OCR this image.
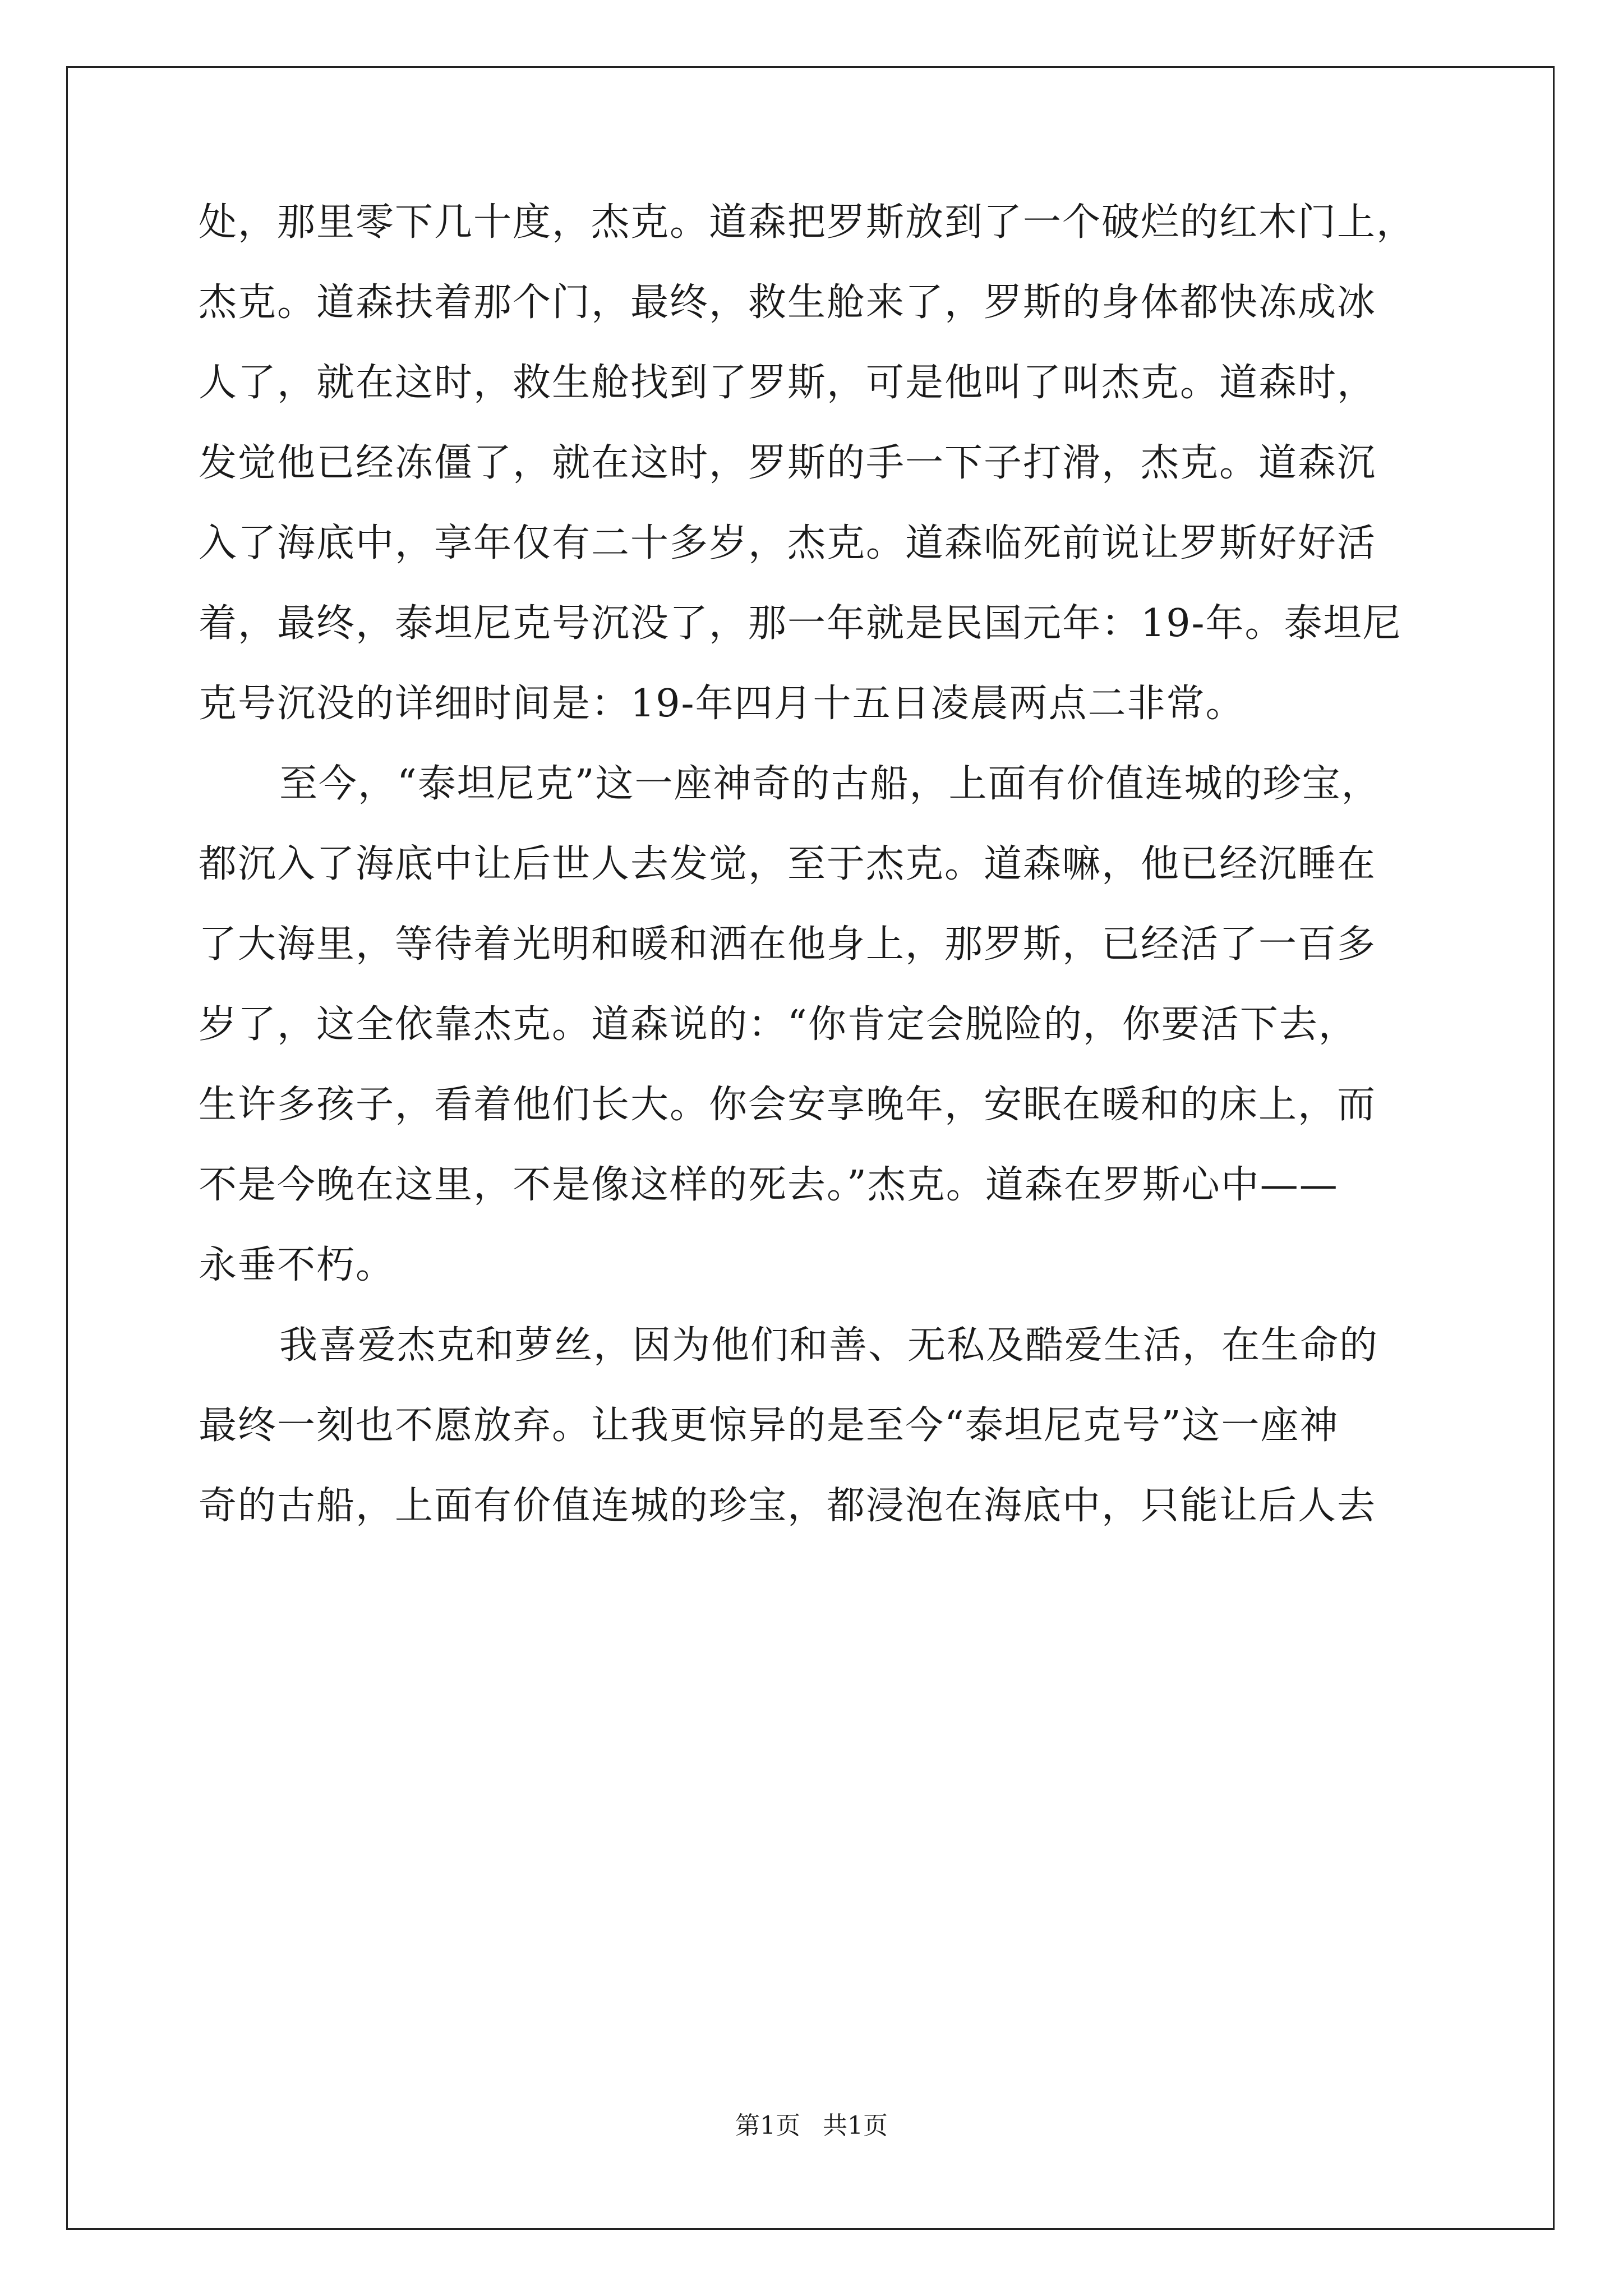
处，那里零下几十度，杰克。道森把罗斯放到了一个破烂的红木门上，
杰克。道森扶着那个门，最终，救生舱来了，罗斯的身体都快冻成冰
人了，就在这时，救生舱找到了罗斯，可是他叫了叫杰克。道森时，
发觉他已经冻僵了，就在这时，罗斯的手一下子打滑，杰克。道森沉
入了海底中，享年仅有二十多岁，杰克。道森临死前说让罗斯好好活
着，最终，泰坦尼克号沉没了，那一年就是民国元年：19-年。泰坦尼
克号沉没的详细时间是：19-年四月十五日凌晨两点二非常。
至今，“泰坦尼克”这一座神奇的古船，上面有价值连城的珍宝，
都沉入了海底中让后世人去发觉，至于杰克。道森嘛，他已经沉睡在
了大海里，等待着光明和暖和洒在他身上，那罗斯，已经活了一百多
岁了，这全依靠杰克。道森说的：“你肯定会脱险的，你要活下去，
生许多孩子，看着他们长大。你会安享晚年，安眠在暖和的床上，而
不是今晚在这里，不是像这样的死去。”杰克。道森在罗斯心中——
永垂不朽。
我喜爱杰克和萝丝，因为他们和善、无私及酷爱生活，在生命的
最终一刻也不愿放弃。让我更惊异的是至今“泰坦尼克号”这一座神
奇的古船，上面有价值连城的珍宝，都浸泡在海底中，只能让后人去
第1页 共1页
